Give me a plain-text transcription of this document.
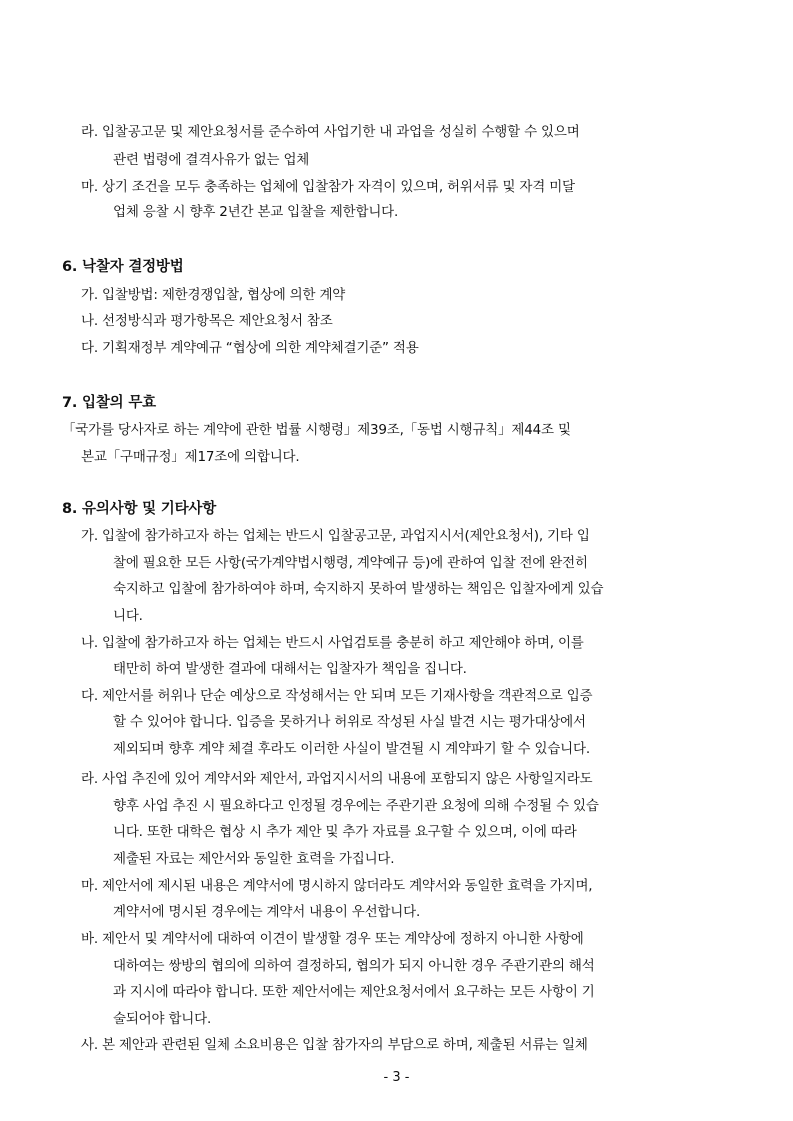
라. 입찰공고문 및 제안요청서를 준수하여 사업기한 내 과업을 성실히 수행할 수 있으며
관련 법령에 결격사유가 없는 업체
마. 상기 조건을 모두 충족하는 업체에 입찰참가 자격이 있으며, 허위서류 및 자격 미달
업체 응찰 시 향후 2년간 본교 입찰을 제한합니다.
6. 낙찰자 결정방법
가. 입찰방법: 제한경쟁입찰, 협상에 의한 계약
나. 선정방식과 평가항목은 제안요청서 참조
다. 기획재정부 계약예규 “협상에 의한 계약체결기준” 적용
7. 입찰의 무효
「국가를 당사자로 하는 계약에 관한 법률 시행령」제39조,「동법 시행규칙」제44조 및
본교「구매규정」제17조에 의합니다.
8. 유의사항 및 기타사항
가. 입찰에 참가하고자 하는 업체는 반드시 입찰공고문, 과업지시서(제안요청서), 기타 입
찰에 필요한 모든 사항(국가계약법시행령, 계약예규 등)에 관하여 입찰 전에 완전히
숙지하고 입찰에 참가하여야 하며, 숙지하지 못하여 발생하는 책임은 입찰자에게 있습
니다.
나. 입찰에 참가하고자 하는 업체는 반드시 사업검토를 충분히 하고 제안해야 하며, 이를
태만히 하여 발생한 결과에 대해서는 입찰자가 책임을 집니다.
다. 제안서를 허위나 단순 예상으로 작성해서는 안 되며 모든 기재사항을 객관적으로 입증
할 수 있어야 합니다. 입증을 못하거나 허위로 작성된 사실 발견 시는 평가대상에서
제외되며 향후 계약 체결 후라도 이러한 사실이 발견될 시 계약파기 할 수 있습니다.
라. 사업 추진에 있어 계약서와 제안서, 과업지시서의 내용에 포함되지 않은 사항일지라도
향후 사업 추진 시 필요하다고 인정될 경우에는 주관기관 요청에 의해 수정될 수 있습
니다. 또한 대학은 협상 시 추가 제안 및 추가 자료를 요구할 수 있으며, 이에 따라
제출된 자료는 제안서와 동일한 효력을 가집니다.
마. 제안서에 제시된 내용은 계약서에 명시하지 않더라도 계약서와 동일한 효력을 가지며,
계약서에 명시된 경우에는 계약서 내용이 우선합니다.
바. 제안서 및 계약서에 대하여 이견이 발생할 경우 또는 계약상에 정하지 아니한 사항에
대하여는 쌍방의 협의에 의하여 결정하되, 협의가 되지 아니한 경우 주관기관의 해석
과 지시에 따라야 합니다. 또한 제안서에는 제안요청서에서 요구하는 모든 사항이 기
술되어야 합니다.
사. 본 제안과 관련된 일체 소요비용은 입찰 참가자의 부담으로 하며, 제출된 서류는 일체
- 3 -
